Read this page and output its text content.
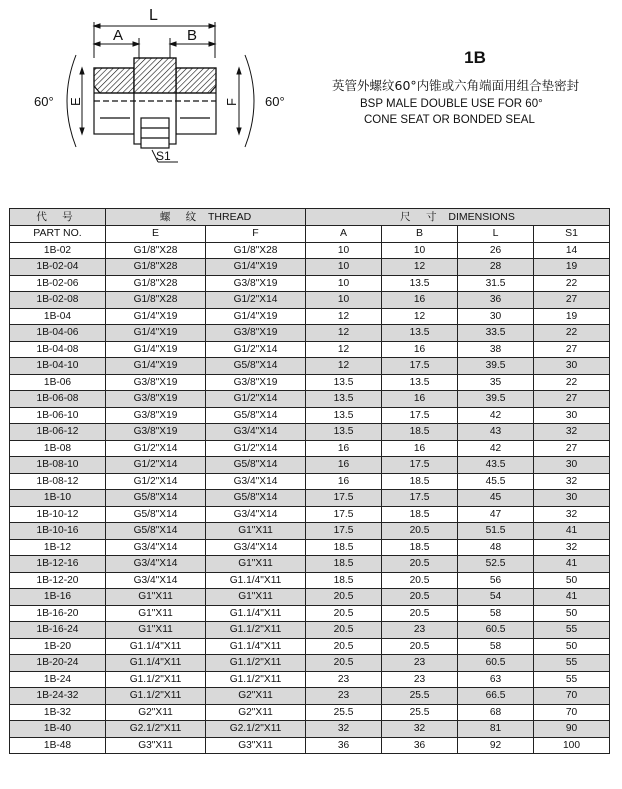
L
A	B
E	F
S1
60°	60°
1B
英管外螺纹60°内锥或六角端面用组合垫密封
BSP MALE DOUBLE USE FOR 60°
CONE SEAT OR BONDED SEAL
代 号	螺 纹 THREAD		尺 寸 DIMENSIONS			
PART NO.	E	F	A	B	L	S1
1B-02	G1/8"X28	G1/8"X28	10	10	26	14
1B-02-04	G1/8"X28	G1/4"X19	10	12	28	19
1B-02-06	G1/8"X28	G3/8"X19	10	13.5	31.5	22
1B-02-08	G1/8"X28	G1/2"X14	10	16	36	27
1B-04	G1/4"X19	G1/4"X19	12	12	30	19
1B-04-06	G1/4"X19	G3/8"X19	12	13.5	33.5	22
1B-04-08	G1/4"X19	G1/2"X14	12	16	38	27
1B-04-10	G1/4"X19	G5/8"X14	12	17.5	39.5	30
1B-06	G3/8"X19	G3/8"X19	13.5	13.5	35	22
1B-06-08	G3/8"X19	G1/2"X14	13.5	16	39.5	27
1B-06-10	G3/8"X19	G5/8"X14	13.5	17.5	42	30
1B-06-12	G3/8"X19	G3/4"X14	13.5	18.5	43	32
1B-08	G1/2"X14	G1/2"X14	16	16	42	27
1B-08-10	G1/2"X14	G5/8"X14	16	17.5	43.5	30
1B-08-12	G1/2"X14	G3/4"X14	16	18.5	45.5	32
1B-10	G5/8"X14	G5/8"X14	17.5	17.5	45	30
1B-10-12	G5/8"X14	G3/4"X14	17.5	18.5	47	32
1B-10-16	G5/8"X14	G1"X11	17.5	20.5	51.5	41
1B-12	G3/4"X14	G3/4"X14	18.5	18.5	48	32
1B-12-16	G3/4"X14	G1"X11	18.5	20.5	52.5	41
1B-12-20	G3/4"X14	G1.1/4"X11	18.5	20.5	56	50
1B-16	G1"X11	G1"X11	20.5	20.5	54	41
1B-16-20	G1"X11	G1.1/4"X11	20.5	20.5	58	50
1B-16-24	G1"X11	G1.1/2"X11	20.5	23	60.5	55
1B-20	G1.1/4"X11	G1.1/4"X11	20.5	20.5	58	50
1B-20-24	G1.1/4"X11	G1.1/2"X11	20.5	23	60.5	55
1B-24	G1.1/2"X11	G1.1/2"X11	23	23	63	55
1B-24-32	G1.1/2"X11	G2"X11	23	25.5	66.5	70
1B-32	G2"X11	G2"X11	25.5	25.5	68	70
1B-40	G2.1/2"X11	G2.1/2"X11	32	32	81	90
1B-48	G3"X11	G3"X11	36	36	92	100
